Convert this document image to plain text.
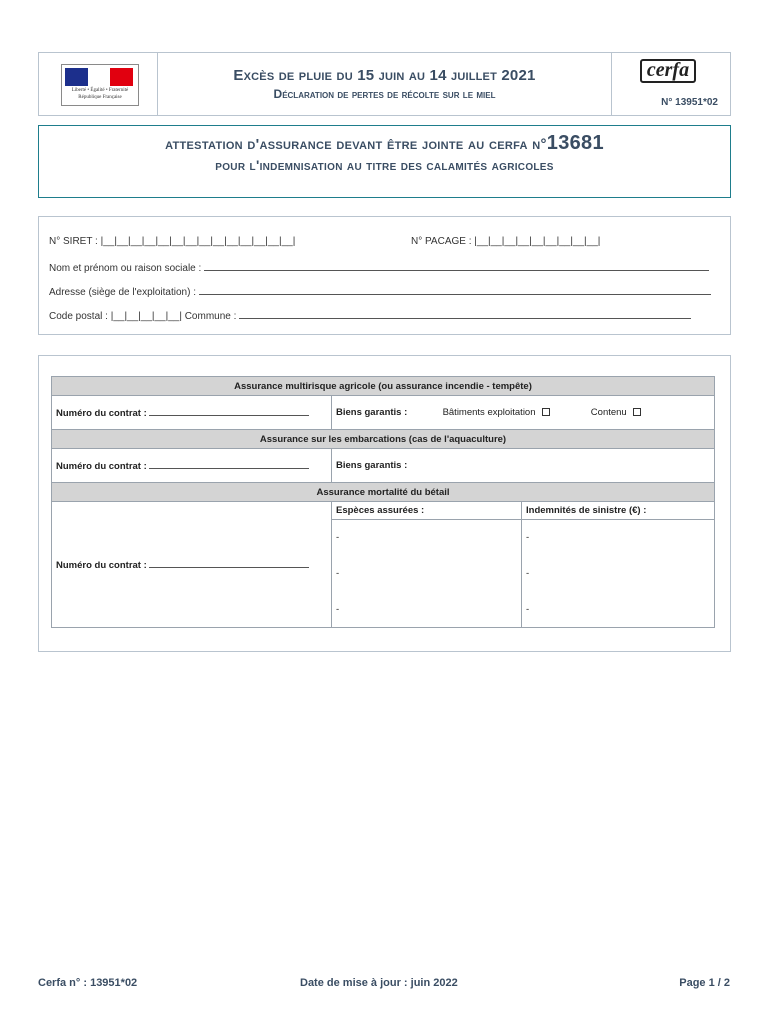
Liberté • Égalité • Fraternité
République Française
Excès de pluie du 15 juin au 14 juillet 2021
Déclaration de pertes de récolte sur le miel
cerfa
N° 13951*02
attestation d'assurance devant être jointe au cerfa n°13681
pour l'indemnisation au titre des calamités agricoles
N° SIRET : |__|__|__|__|__|__|__|__|__|__|__|__|__|__|	N° PACAGE : |__|__|__|__|__|__|__|__|__|
Nom et prénom ou raison sociale :
Adresse (siège de l'exploitation) :
Code postal : |__|__|__|__|__| Commune :
Assurance multirisque agricole (ou assurance incendie - tempête)		
Numéro du contrat :	Biens garantis : Bâtiments exploitation Contenu	
Assurance sur les embarcations (cas de l'aquaculture)		
Numéro du contrat :	Biens garantis :	
Assurance mortalité du bétail		
Numéro du contrat :	Espèces assurées :	Indemnités de sinistre (€) :
	-	-
	-	-
	-	-
Cerfa n° : 13951*02	Date de mise à jour : juin 2022	Page 1 / 2
